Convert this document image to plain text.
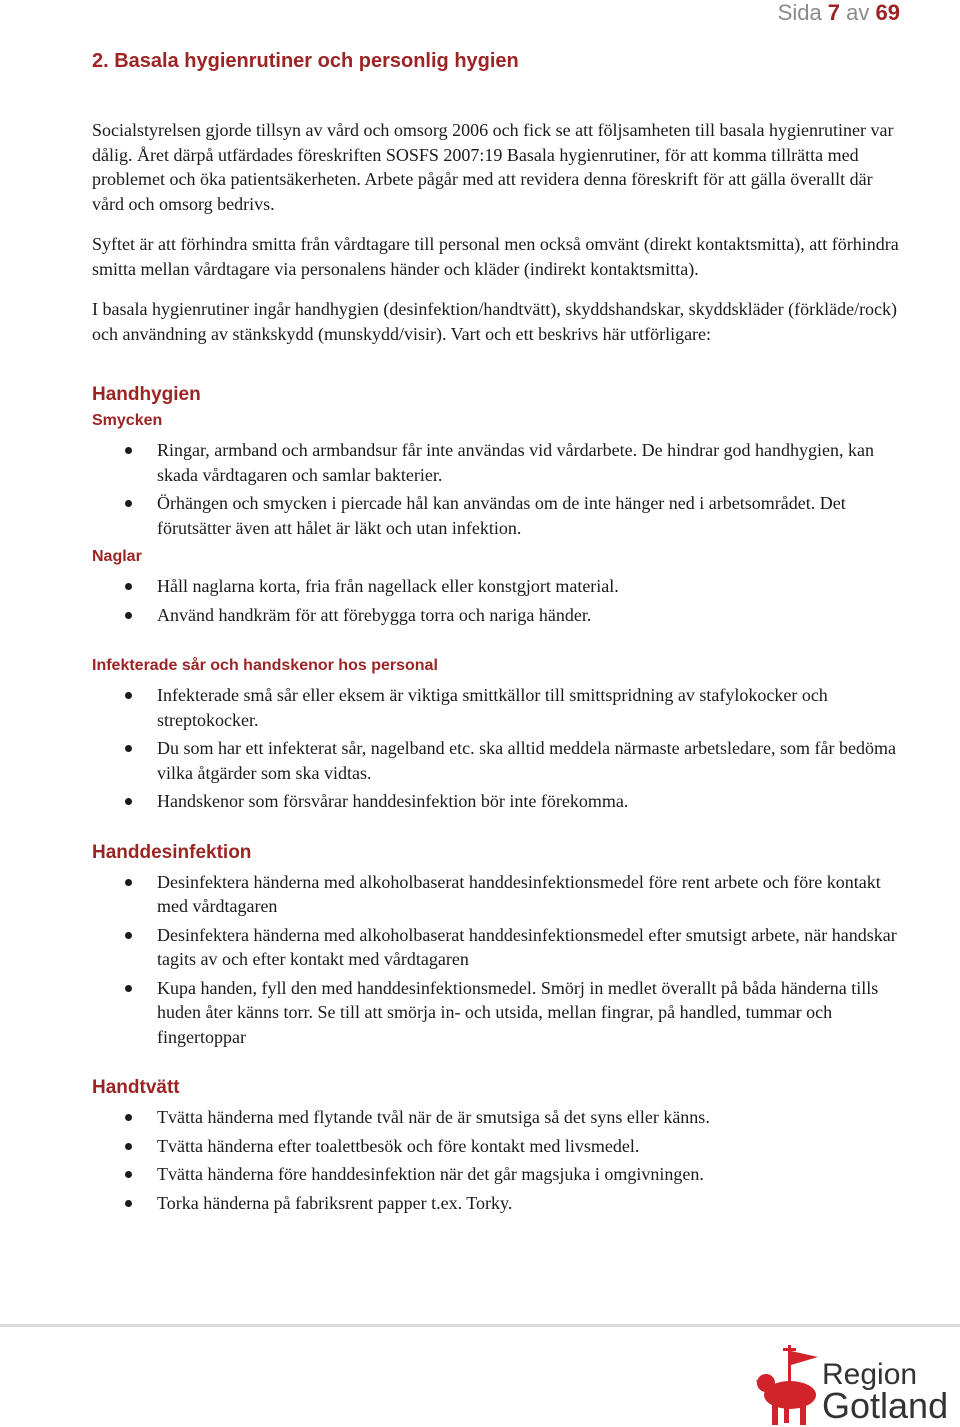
Sida 7 av 69
2. Basala hygienrutiner och personlig hygien

Socialstyrelsen gjorde tillsyn av vård och omsorg 2006 och fick se att följsamheten till basala hygienrutiner var dålig. Året därpå utfärdades föreskriften SOSFS 2007:19 Basala hygienrutiner, för att komma tillrätta med problemet och öka patientsäkerheten. Arbete pågår med att revidera denna föreskrift för att gälla överallt där vård och omsorg bedrivs.

Syftet är att förhindra smitta från vårdtagare till personal men också omvänt (direkt kontaktsmitta), att förhindra smitta mellan vårdtagare via personalens händer och kläder (indirekt kontaktsmitta).

I basala hygienrutiner ingår handhygien (desinfektion/handtvätt), skyddshandskar, skyddskläder (förkläde/rock) och användning av stänkskydd (munskydd/visir). Vart och ett beskrivs här utförligare:

Handhygien
Smycken
Ringar, armband och armbandsur får inte användas vid vårdarbete. De hindrar god handhygien, kan skada vårdtagaren och samlar bakterier.
Örhängen och smycken i piercade hål kan användas om de inte hänger ned i arbetsområdet. Det förutsätter även att hålet är läkt och utan infektion.
Naglar
Håll naglarna korta, fria från nagellack eller konstgjort material.
Använd handkräm för att förebygga torra och nariga händer.
Infekterade sår och handskenor hos personal
Infekterade små sår eller eksem är viktiga smittkällor till smittspridning av stafylokocker och streptokocker.
Du som har ett infekterat sår, nagelband etc. ska alltid meddela närmaste arbetsledare, som får bedöma vilka åtgärder som ska vidtas.
Handskenor som försvårar handdesinfektion bör inte förekomma.
Handdesinfektion
Desinfektera händerna med alkoholbaserat handdesinfektionsmedel före rent arbete och före kontakt med vårdtagaren
Desinfektera händerna med alkoholbaserat handdesinfektionsmedel efter smutsigt arbete, när handskar tagits av och efter kontakt med vårdtagaren
Kupa handen, fyll den med handdesinfektionsmedel. Smörj in medlet överallt på båda händerna tills huden åter känns torr. Se till att smörja in- och utsida, mellan fingrar, på handled, tummar och fingertoppar
Handtvätt
Tvätta händerna med flytande tvål när de är smutsiga så det syns eller känns.
Tvätta händerna efter toalettbesök och före kontakt med livsmedel.
Tvätta händerna före handdesinfektion när det går magsjuka i omgivningen.
Torka händerna på fabriksrent papper t.ex. Torky.
Region
Gotland
